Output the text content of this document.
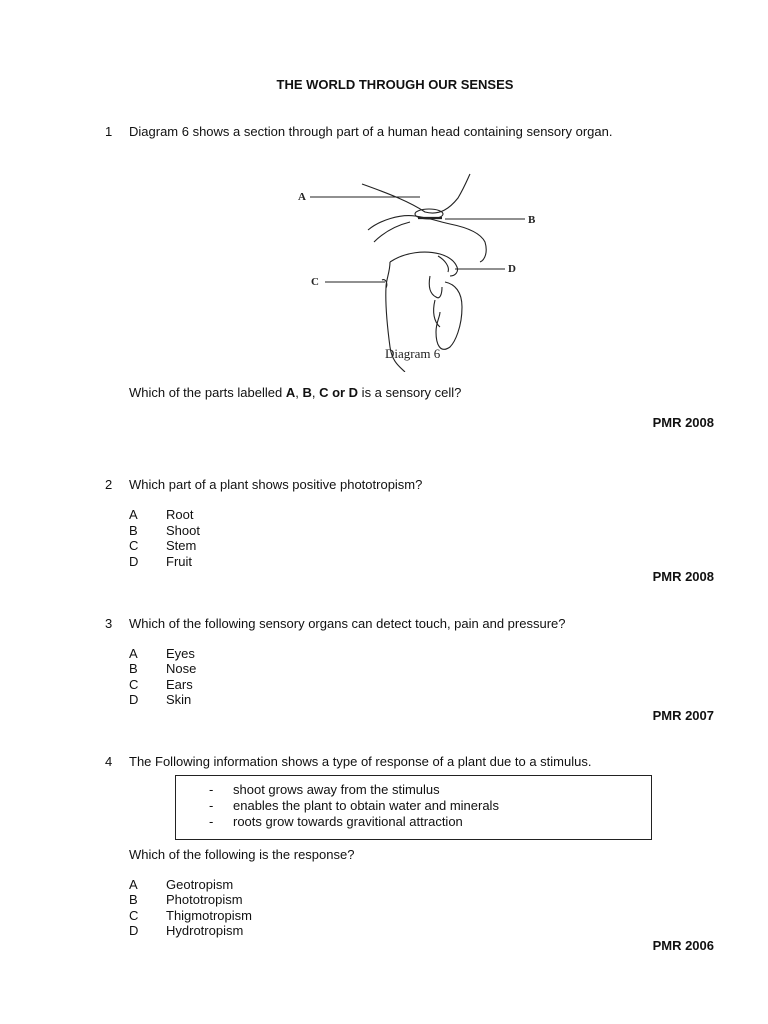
THE WORLD THROUGH OUR SENSES
1 Diagram 6 shows a section through part of a human head containing sensory organ.
A
B
C
D
Diagram 6
Which of the parts labelled A, B, C or D is a sensory cell?
PMR 2008
2 Which part of a plant shows positive phototropism?
A Root
B Shoot
C Stem
D Fruit
PMR 2008
3 Which of the following sensory organs can detect touch, pain and pressure?
A Eyes
B Nose
C Ears
D Skin
PMR 2007
4 The Following information shows a type of response of a plant due to a stimulus.
- shoot grows away from the stimulus
- enables the plant to obtain water and minerals
- roots grow towards gravitional attraction
Which of the following is the response?
A Geotropism
B Phototropism
C Thigmotropism
D Hydrotropism
PMR 2006
